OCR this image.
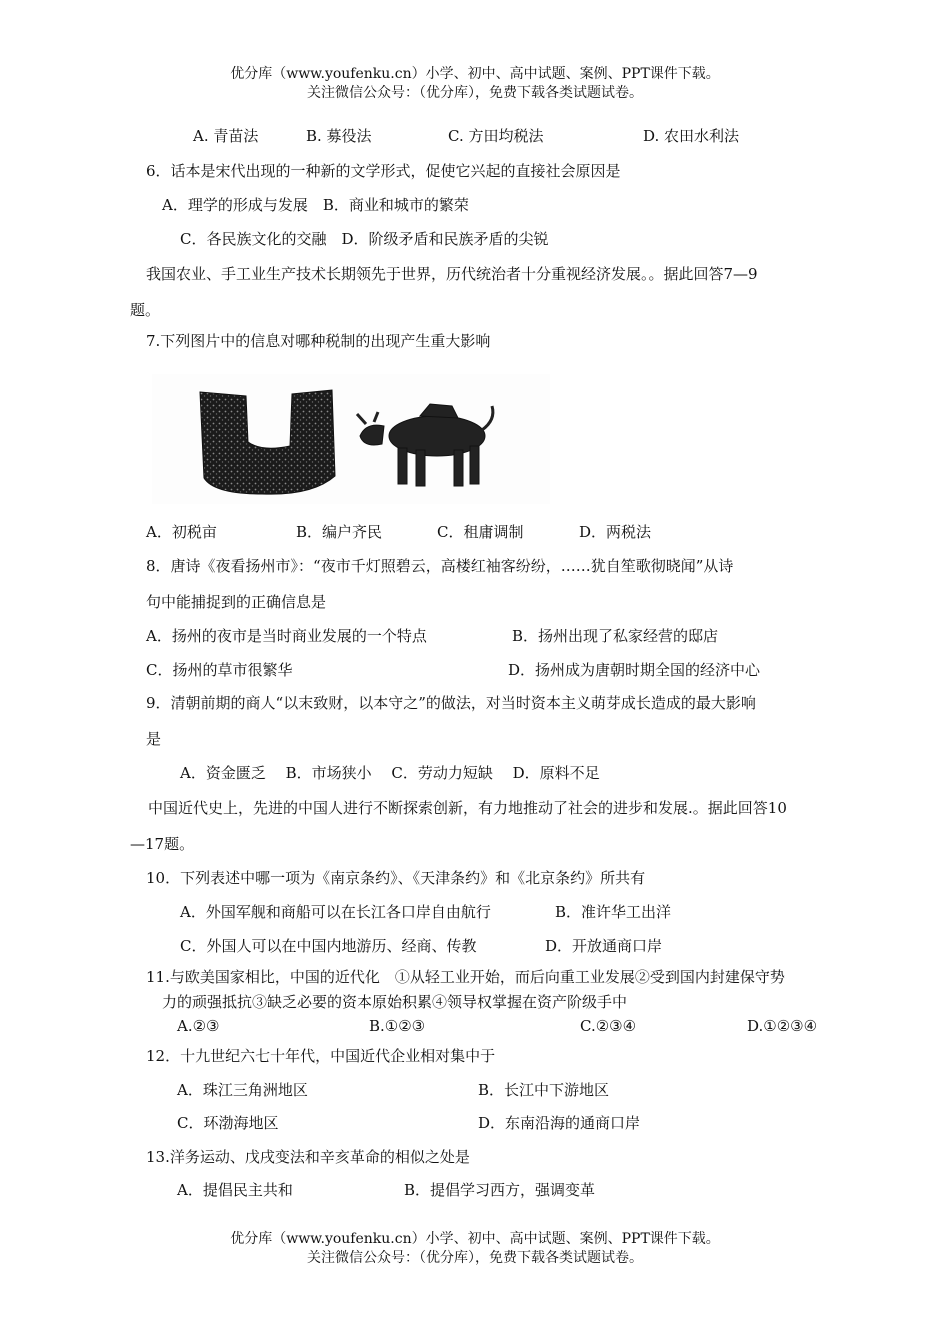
优分库（www.youfenku.cn）小学、初中、高中试题、案例、PPT课件下载。
关注微信公众号：（优分库），免费下载各类试题试卷。
A. 青苗法	B. 募役法	C. 方田均税法	D. 农田水利法
6．话本是宋代出现的一种新的文学形式，促使它兴起的直接社会原因是
A．理学的形成与发展　B．商业和城市的繁荣
C．各民族文化的交融　D．阶级矛盾和民族矛盾的尖锐
我国农业、手工业生产技术长期领先于世界，历代统治者十分重视经济发展。。据此回答7—9
题。
7.下列图片中的信息对哪种税制的出现产生重大影响
A．初税亩	B．编户齐民	C．租庸调制	D．两税法
8．唐诗《夜看扬州市》：“夜市千灯照碧云，高楼红袖客纷纷，……犹自笙歌彻晓闻”从诗
句中能捕捉到的正确信息是
A．扬州的夜市是当时商业发展的一个特点	B．扬州出现了私家经营的邸店
C．扬州的草市很繁华	D．扬州成为唐朝时期全国的经济中心
9．清朝前期的商人“以末致财，以本守之”的做法，对当时资本主义萌芽成长造成的最大影响
是
A．资金匮乏　 B．市场狭小　 C．劳动力短缺　 D．原料不足
中国近代史上，先进的中国人进行不断探索创新，有力地推动了社会的进步和发展.。据此回答10
—17题。
10．下列表述中哪一项为《南京条约》、《天津条约》和《北京条约》所共有
A．外国军舰和商船可以在长江各口岸自由航行	B．准许华工出洋
C．外国人可以在中国内地游历、经商、传教	D．开放通商口岸
11.与欧美国家相比，中国的近代化　①从轻工业开始，而后向重工业发展②受到国内封建保守势
力的顽强抵抗③缺乏必要的资本原始积累④领导权掌握在资产阶级手中
A.②③	B.①②③	C.②③④	D.①②③④
12．十九世纪六七十年代，中国近代企业相对集中于
A．珠江三角洲地区	B．长江中下游地区
C．环渤海地区	D．东南沿海的通商口岸
13.洋务运动、戊戌变法和辛亥革命的相似之处是
A．提倡民主共和	B．提倡学习西方，强调变革
优分库（www.youfenku.cn）小学、初中、高中试题、案例、PPT课件下载。
关注微信公众号：（优分库），免费下载各类试题试卷。
